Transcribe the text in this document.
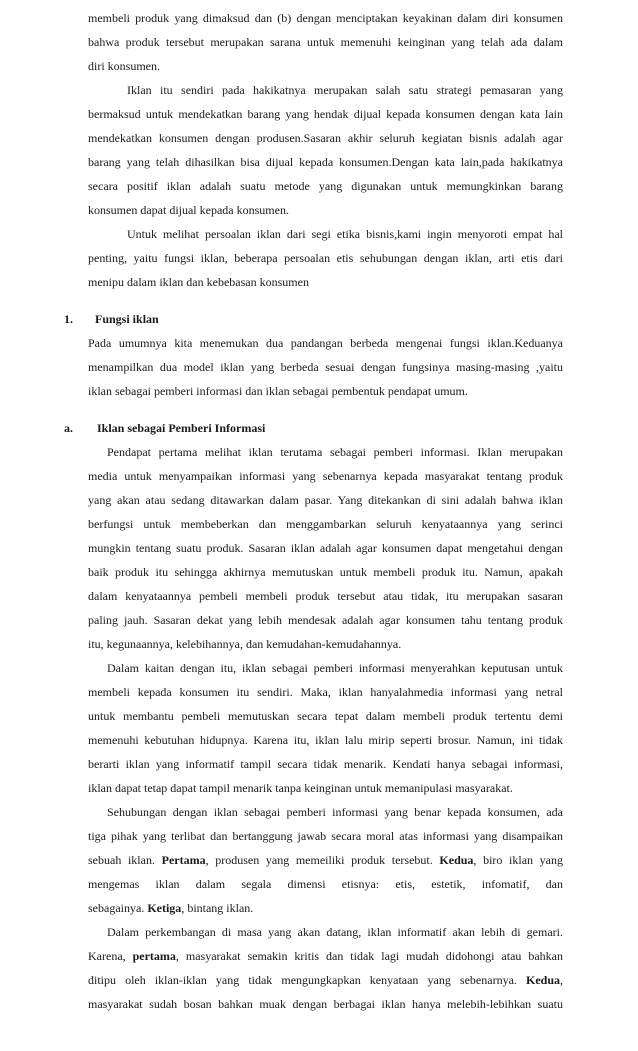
membeli produk yang dimaksud dan (b) dengan menciptakan keyakinan dalam diri konsumen
bahwa produk tersebut merupakan sarana untuk memenuhi keinginan yang telah ada dalam
diri konsumen.
Iklan itu sendiri pada hakikatnya merupakan salah satu strategi pemasaran yang
bermaksud untuk mendekatkan barang yang hendak dijual kepada konsumen dengan kata lain
mendekatkan konsumen dengan produsen.Sasaran akhir seluruh kegiatan bisnis adalah agar
barang yang telah dihasilkan bisa dijual kepada konsumen.Dengan kata lain,pada hakikatnya
secara positif iklan adalah suatu metode yang digunakan untuk memungkinkan barang
konsumen dapat dijual kepada konsumen.
Untuk melihat persoalan iklan dari segi etika bisnis,kami ingin menyoroti empat hal
penting, yaitu fungsi iklan, beberapa persoalan etis sehubungan dengan iklan, arti etis dari
menipu dalam iklan dan kebebasan konsumen
1. Fungsi iklan
Pada umumnya kita menemukan dua pandangan berbeda mengenai fungsi iklan.Keduanya
menampilkan dua model iklan yang berbeda sesuai dengan fungsinya masing-masing ,yaitu
iklan sebagai pemberi informasi dan iklan sebagai pembentuk pendapat umum.
a. Iklan sebagai Pemberi Informasi
Pendapat pertama melihat iklan terutama sebagai pemberi informasi. Iklan merupakan
media untuk menyampaikan informasi yang sebenarnya kepada masyarakat tentang produk
yang akan atau sedang ditawarkan dalam pasar. Yang ditekankan di sini adalah bahwa iklan
berfungsi untuk membeberkan dan menggambarkan seluruh kenyataannya yang serinci
mungkin tentang suatu produk. Sasaran iklan adalah agar konsumen dapat mengetahui dengan
baik produk itu sehingga akhirnya memutuskan untuk membeli produk itu. Namun, apakah
dalam kenyataannya pembeli membeli produk tersebut atau tidak, itu merupakan sasaran
paling jauh. Sasaran dekat yang lebih mendesak adalah agar konsumen tahu tentang produk
itu, kegunaannya, kelebihannya, dan kemudahan-kemudahannya.
Dalam kaitan dengan itu, iklan sebagai pemberi informasi menyerahkan keputusan untuk
membeli kepada konsumen itu sendiri. Maka, iklan hanyalahmedia informasi yang netral
untuk membantu pembeli memutuskan secara tepat dalam membeli produk tertentu demi
memenuhi kebutuhan hidupnya. Karena itu, iklan lalu mirip seperti brosur. Namun, ini tidak
berarti iklan yang informatif tampil secara tidak menarik. Kendati hanya sebagai informasi,
iklan dapat tetap dapat tampil menarik tanpa keinginan untuk memanipulasi masyarakat.
Sehubungan dengan iklan sebagai pemberi informasi yang benar kepada konsumen, ada
tiga pihak yang terlibat dan bertanggung jawab secara moral atas informasi yang disampaikan
sebuah iklan. Pertama, produsen yang memeiliki produk tersebut. Kedua, biro iklan yang
mengemas iklan dalam segala dimensi etisnya: etis, estetik, infomatif, dan
sebagainya. Ketiga, bintang iklan.
Dalam perkembangan di masa yang akan datang, iklan informatif akan lebih di gemari.
Karena, pertama, masyarakat semakin kritis dan tidak lagi mudah didohongi atau bahkan
ditipu oleh iklan-iklan yang tidak mengungkapkan kenyataan yang sebenarnya. Kedua,
masyarakat sudah bosan bahkan muak dengan berbagai iklan hanya melebih-lebihkan suatu
